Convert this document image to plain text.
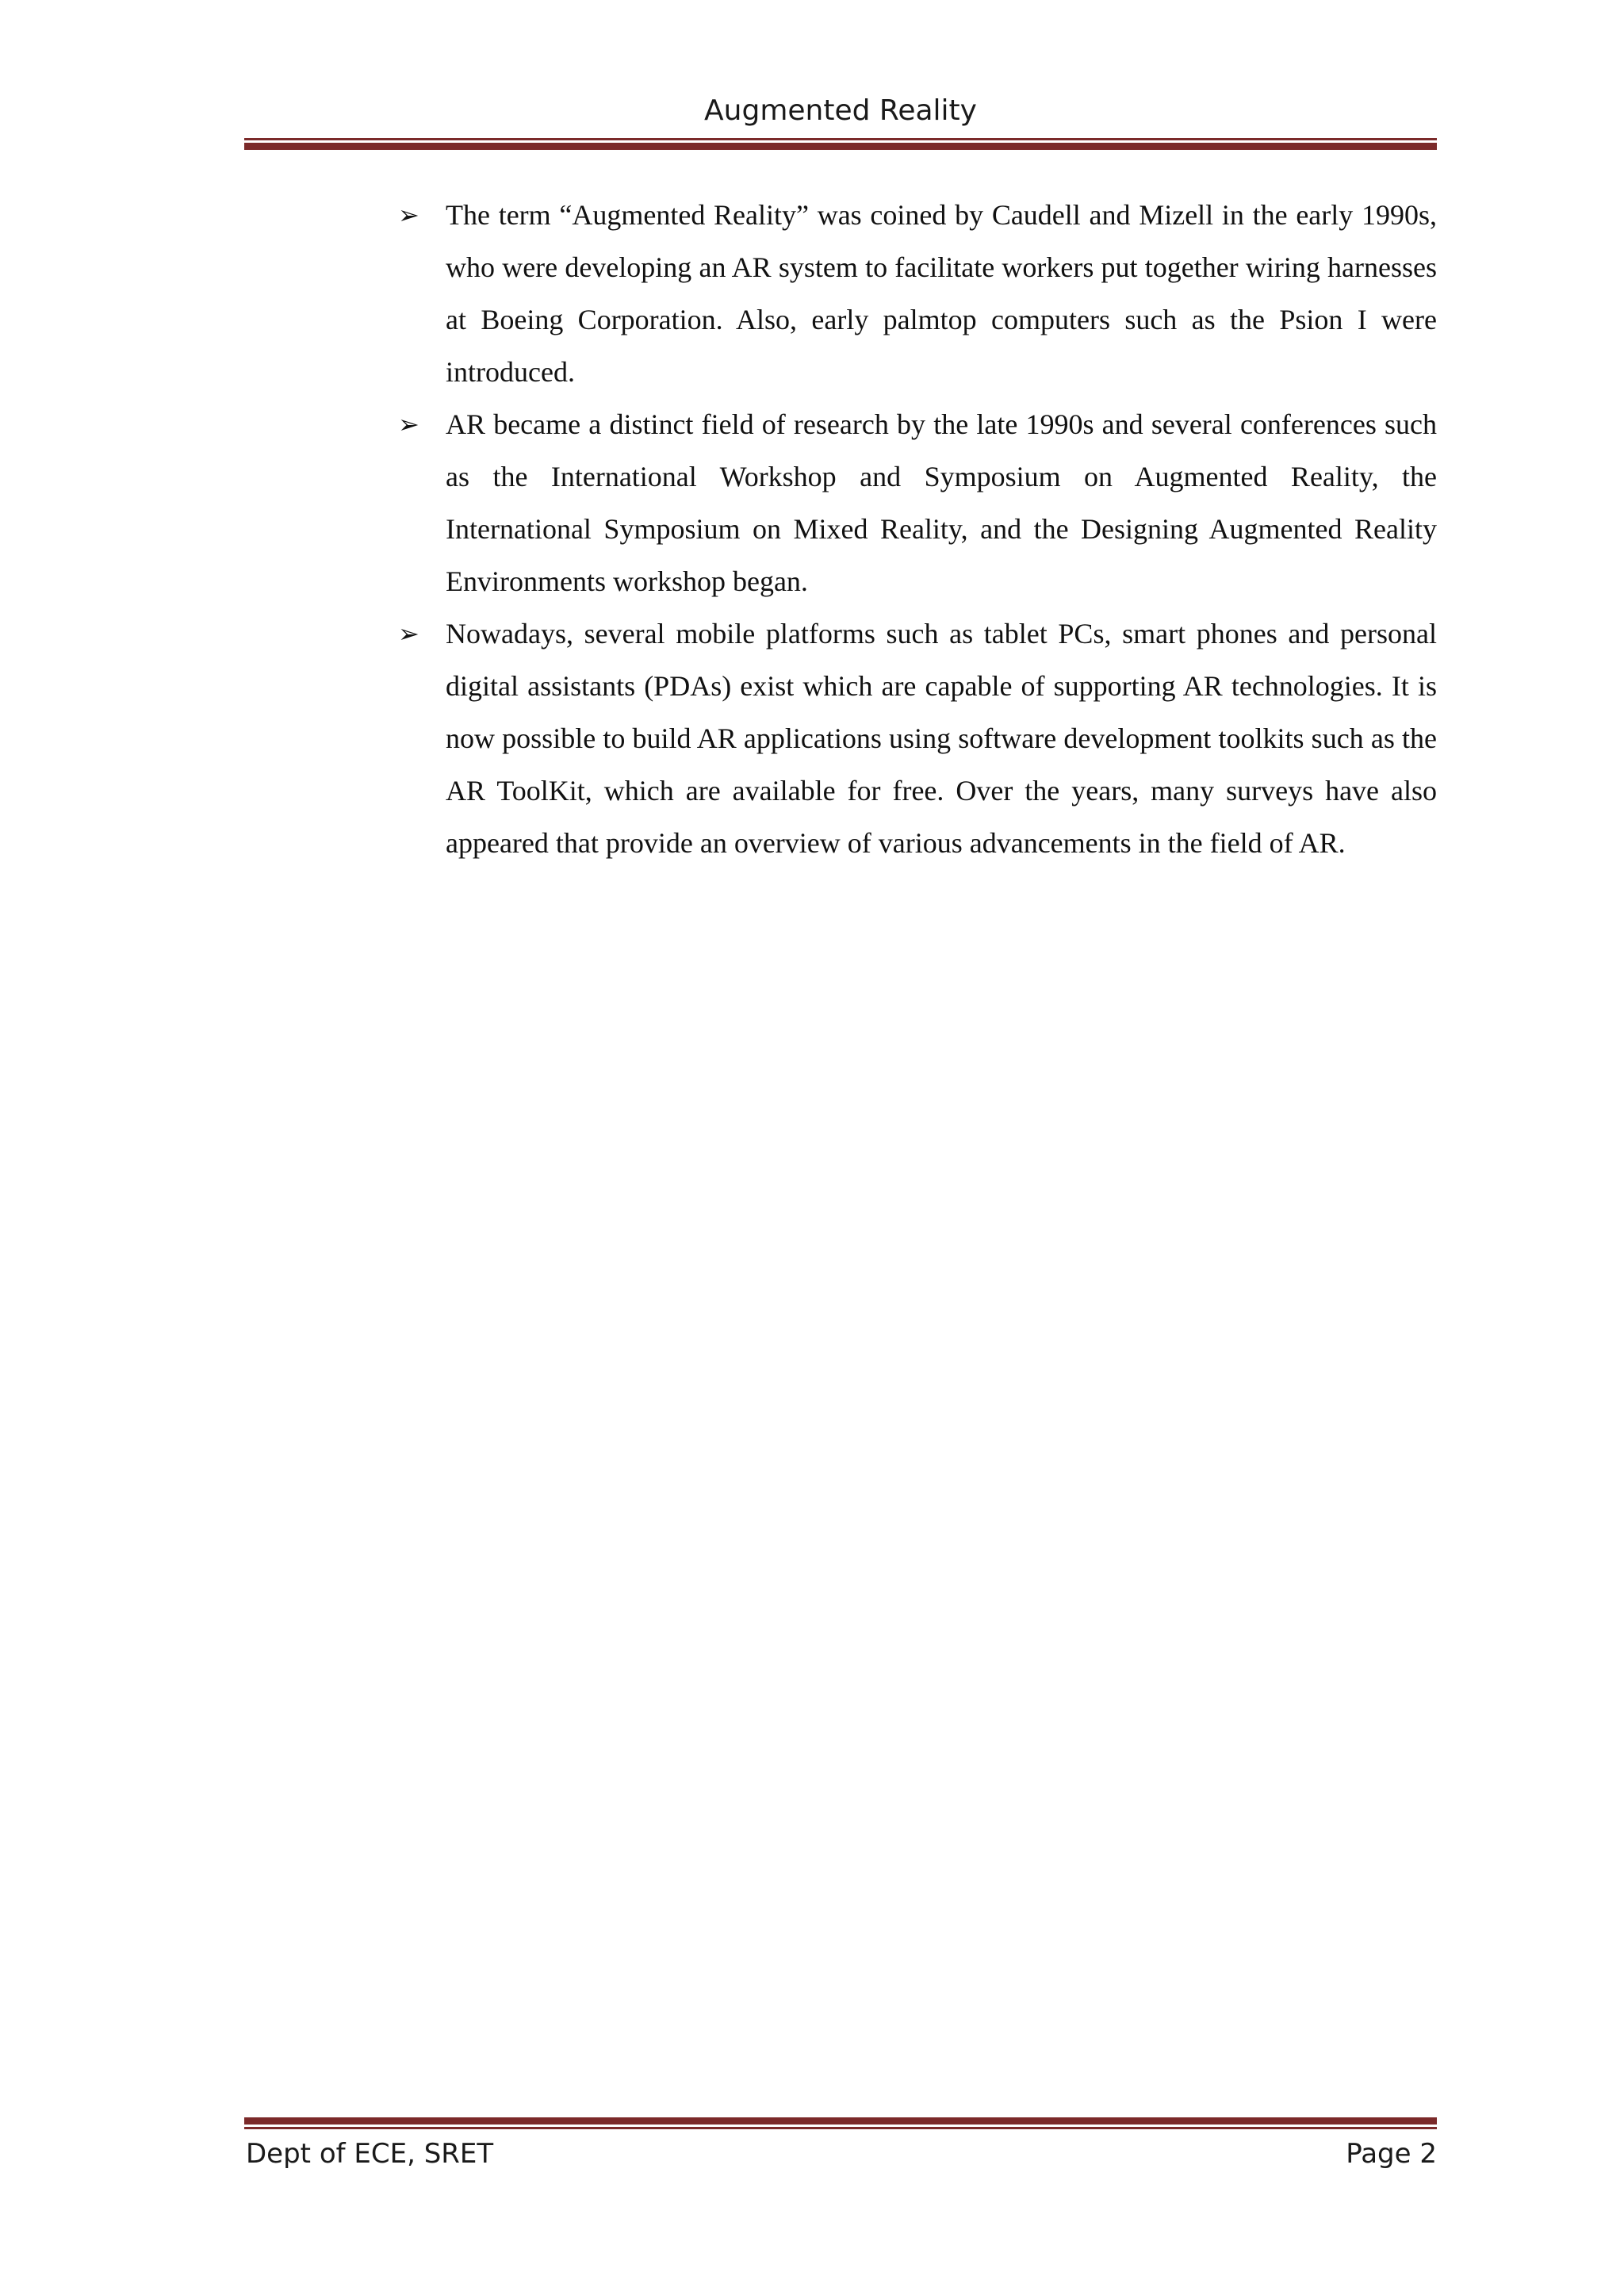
Augmented Reality
➢ The term “Augmented Reality” was coined by Caudell and Mizell in the early 1990s, who were developing an AR system to facilitate workers put together wiring harnesses at Boeing Corporation. Also, early palmtop computers such as the Psion I were introduced.
➢ AR became a distinct field of research by the late 1990s and several conferences such as the International Workshop and Symposium on Augmented Reality, the International Symposium on Mixed Reality, and the Designing Augmented Reality Environments workshop began.
➢ Nowadays, several mobile platforms such as tablet PCs, smart phones and personal digital assistants (PDAs) exist which are capable of supporting AR technologies. It is now possible to build AR applications using software development toolkits such as the AR ToolKit, which are available for free. Over the years, many surveys have also appeared that provide an overview of various advancements in the field of AR.
Dept of ECE, SRET	Page 2
